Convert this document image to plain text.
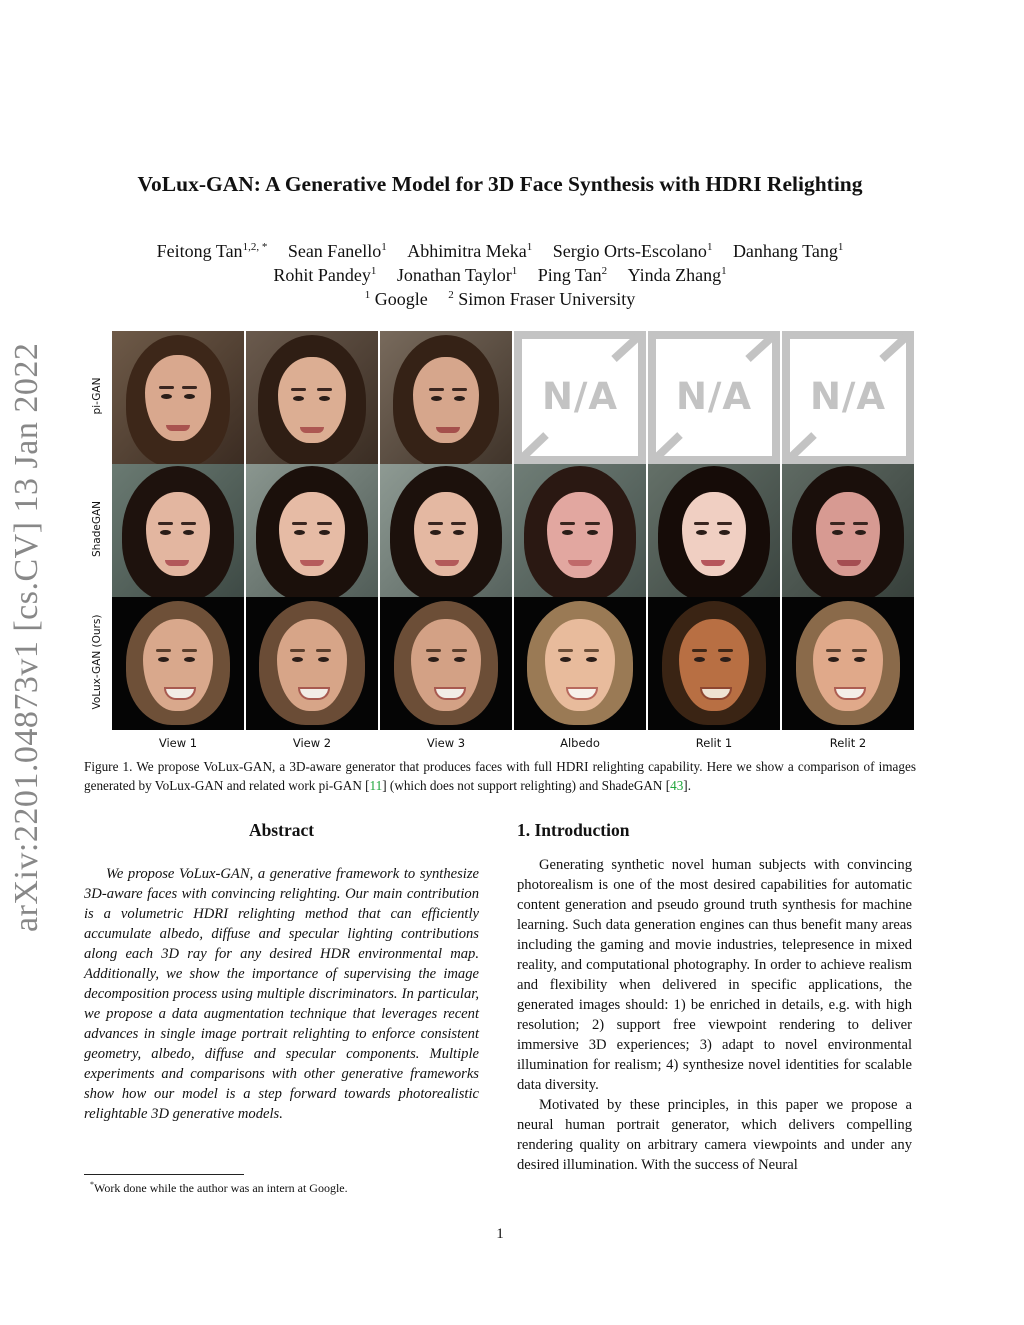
arXiv:2201.04873v1 [cs.CV] 13 Jan 2022
VoLux-GAN: A Generative Model for 3D Face Synthesis with HDRI Relighting
Feitong Tan$^{1,2, *}$ Sean Fanello$^1$ Abhimitra Meka$^1$ Sergio Orts-Escolano$^1$ Danhang Tang$^1$
Rohit Pandey$^1$ Jonathan Taylor$^1$ Ping Tan$^2$ Yinda Zhang$^1$
$^1$ Google $^2$ Simon Fraser University
N/A	N/A	N/A
pi-GAN
ShadeGAN
VoLux-GAN (Ours)
View 1	View 2	View 3	Albedo	Relit 1	Relit 2
Figure 1. We propose VoLux-GAN, a 3D-aware generator that produces faces with full HDRI relighting capability. Here we show a comparison of images generated by VoLux-GAN and related work pi-GAN [11] (which does not support relighting) and ShadeGAN [43].
Abstract
We propose VoLux-GAN, a generative framework to synthesize 3D-aware faces with convincing relighting. Our main contribution is a volumetric HDRI relighting method that can efficiently accumulate albedo, diffuse and specular lighting contributions along each 3D ray for any desired HDR environmental map. Additionally, we show the importance of supervising the image decomposition process using multiple discriminators. In particular, we propose a data augmentation technique that leverages recent advances in single image portrait relighting to enforce consistent geometry, albedo, diffuse and specular components. Multiple experiments and comparisons with other generative frameworks show how our model is a step forward towards photorealistic relightable 3D generative models.
1. Introduction
Generating synthetic novel human subjects with convincing photorealism is one of the most desired capabilities for automatic content generation and pseudo ground truth synthesis for machine learning. Such data generation engines can thus benefit many areas including the gaming and movie industries, telepresence in mixed reality, and computational photography. In order to achieve realism and flexibility when delivered in specific applications, the generated images should: 1) be enriched in details, e.g. with high resolution; 2) support free viewpoint rendering to deliver immersive 3D experiences; 3) adapt to novel environmental illumination for realism; 4) synthesize novel identities for scalable data diversity.
Motivated by these principles, in this paper we propose a neural human portrait generator, which delivers compelling rendering quality on arbitrary camera viewpoints and under any desired illumination. With the success of Neural
*Work done while the author was an intern at Google.
1
